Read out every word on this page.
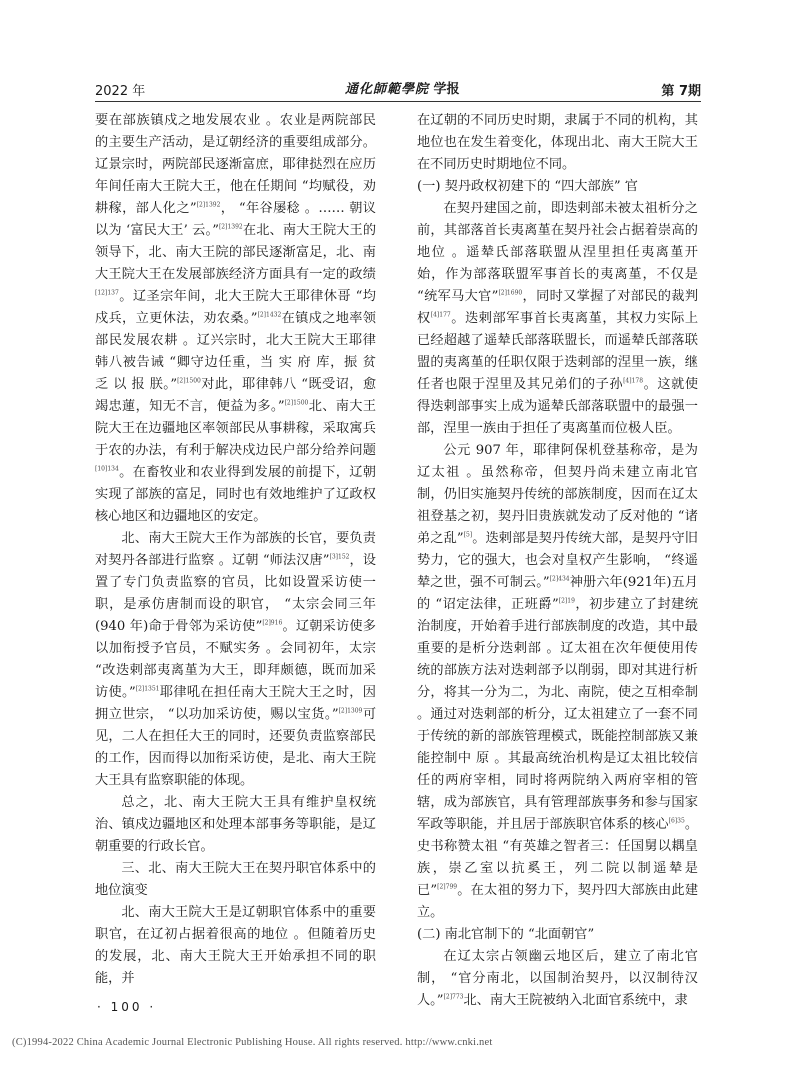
2022 年	通化師範學院 学报	第 7期

要在部族镇戍之地发展农业 。农业是两院部民的主要生产活动，是辽朝经济的重要组成部分。辽景宗时，两院部民逐渐富庶，耶律挞烈在应历年间任南大王院大王，他在任期间 “均赋役，劝耕稼，部人化之”$^{[2]1392}$， “年谷屡稔 。…… 朝议以为 ‘富民大王’ 云。”$^{[2]1392}$在北、南大王院大王的领导下，北、南大王院的部民逐渐富足，北、南大王院大王在发展部族经济方面具有一定的政绩$^{[12]137}$。辽圣宗年间，北大王院大王耶律休哥 “均戍兵，立更休法，劝农桑。”$^{[2]1432}$在镇戍之地率领部民发展农耕 。辽兴宗时，北大王院大王耶律韩八被告诫 “卿守边任重，当 实 府 库，振 贫 乏 以 报 朕。”$^{[2]1500}$对此，耶律韩八 “既受诏，愈竭忠蓮，知无不言，便益为多。”$^{[2]1500}$北、南大王院大王在边疆地区率领部民从事耕稼，采取寓兵于农的办法，有利于解决戍边民户部分给养问题$^{[10]134}$。在畜牧业和农业得到发展的前提下，辽朝实现了部族的富足，同时也有效地维护了辽政权核心地区和边疆地区的安定。

北、南大王院大王作为部族的长官，要负责对契丹各部进行监察 。辽朝 “师法汉唐”$^{[3]152}$，设置了专门负责监察的官员，比如设置采访使一职，是承仿唐制而设的职官， “太宗会同三年(940 年)命于骨邻为采访使”$^{[2]916}$。辽朝采访使多以加衔授予官员，不赋实务 。会同初年，太宗 “改迭剌部夷离堇为大王，即拜颇德，既而加采访使。”$^{[2]1351}$耶律吼在担任南大王院大王之时，因拥立世宗， “以功加采访使，赐以宝货。”$^{[2]1309}$可见，二人在担任大王的同时，还要负责监察部民的工作，因而得以加衔采访使，是北、南大王院大王具有监察职能的体现。

总之，北、南大王院大王具有维护皇权统治、镇戍边疆地区和处理本部事务等职能，是辽朝重要的行政长官。

三、北、南大王院大王在契丹职官体系中的地位演变

北、南大王院大王是辽朝职官体系中的重要职官，在辽初占据着很高的地位 。但随着历史的发展，北、南大王院大王开始承担不同的职能，并

在辽朝的不同历史时期，隶属于不同的机构，其地位也在发生着变化，体现出北、南大王院大王在不同历史时期地位不同。

(一) 契丹政权初建下的 “四大部族” 官

在契丹建国之前，即迭剌部未被太祖析分之前，其部落首长夷离堇在契丹社会占据着崇高的地位 。遥辇氏部落联盟从涅里担任夷离堇开始，作为部落联盟军事首长的夷离堇，不仅是 “统军马大官”$^{[2]1690}$，同时又掌握了对部民的裁判权$^{[4]177}$。迭剌部军事首长夷离堇，其权力实际上已经超越了遥辇氏部落联盟长，而遥辇氏部落联盟的夷离堇的任职仅限于迭剌部的涅里一族，继任者也限于涅里及其兄弟们的子孙$^{[4]178}$。这就使得迭剌部事实上成为遥辇氏部落联盟中的最强一部，涅里一族由于担任了夷离堇而位极人臣。

公元 907 年，耶律阿保机登基称帝，是为辽太祖 。虽然称帝，但契丹尚未建立南北官制，仍旧实施契丹传统的部族制度，因而在辽太祖登基之初，契丹旧贵族就发动了反对他的 “诸弟之乱”[5]。迭剌部是契丹传统大部，是契丹守旧势力，它的强大，也会对皇权产生影响， “终遥辇之世，强不可制云。”$^{[2]434}$神册六年(921年)五月的 “诏定法律，正班爵”$^{[2]19}$，初步建立了封建统治制度，开始着手进行部族制度的改造，其中最重要的是析分迭剌部 。辽太祖在次年便使用传统的部族方法对迭剌部予以削弱，即对其进行析分，将其一分为二，为北、南院，使之互相牵制 。通过对迭剌部的析分，辽太祖建立了一套不同于传统的新的部族管理模式，既能控制部族又兼能控制中 原 。其最高统治机构是辽太祖比较信任的两府宰相，同时将两院纳入两府宰相的管辖，成为部族官，具有管理部族事务和参与国家军政等职能，并且居于部族职官体系的核心$^{[6]35}$。史书称赞太祖 “有英雄之智者三：任国舅以耦皇族，崇乙室以抗奚王，列二院以制遥辇是已”$^{[2]799}$。在太祖的努力下，契丹四大部族由此建立。

(二) 南北官制下的 “北面朝官”

在辽太宗占领幽云地区后，建立了南北官制， “官分南北，以国制治契丹，以汉制待汉人。”$^{[2]773}$北、南大王院被纳入北面官系统中，隶

· 100 ·
(C)1994-2022 China Academic Journal Electronic Publishing House. All rights reserved. http://www.cnki.net
